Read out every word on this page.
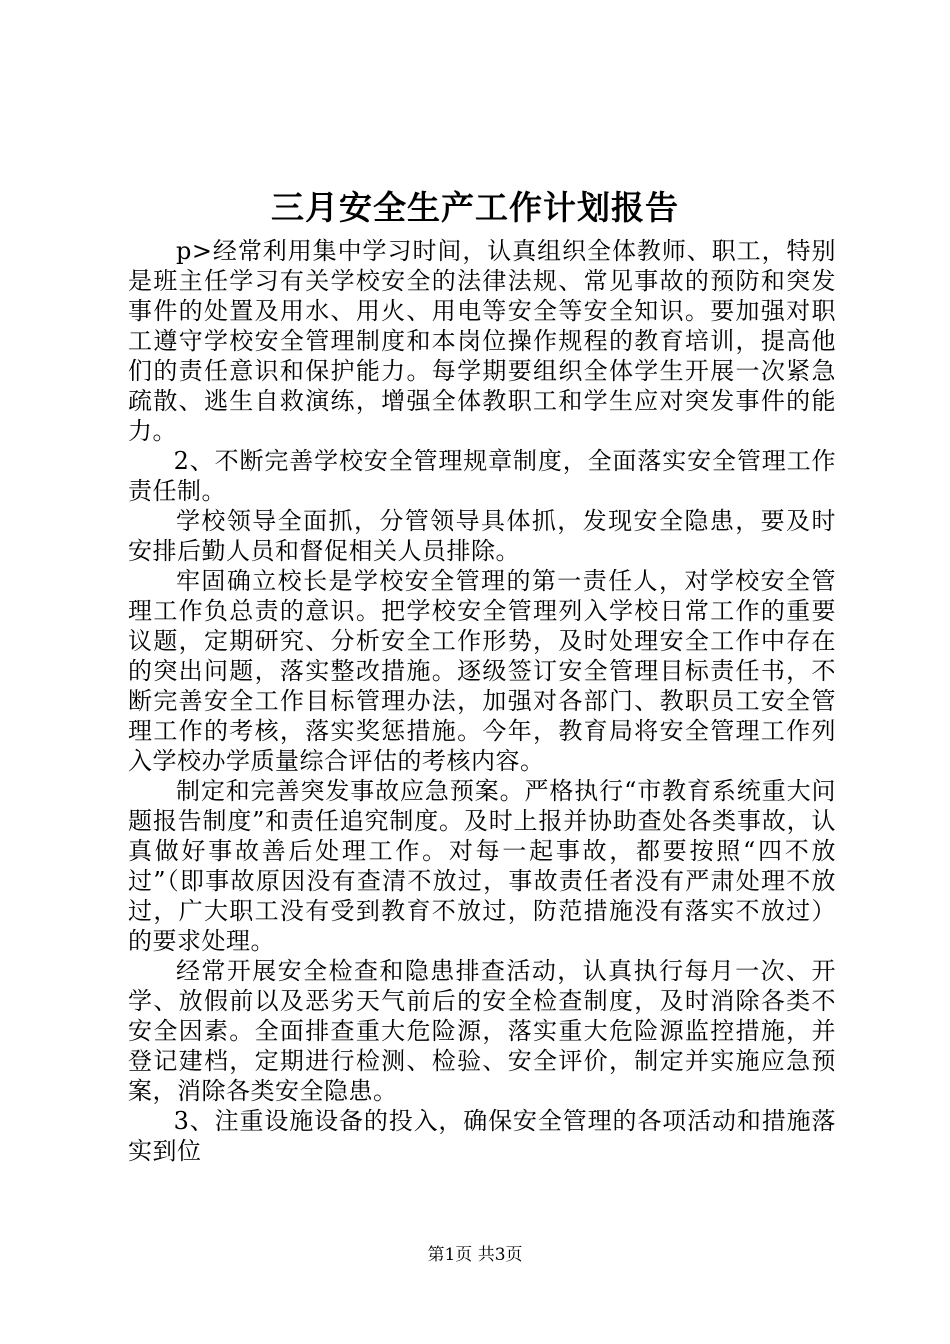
三月安全生产工作计划报告

p>经常利用集中学习时间，认真组织全体教师、职工，特别是班主任学习有关学校安全的法律法规、常见事故的预防和突发事件的处置及用水、用火、用电等安全等安全知识。要加强对职工遵守学校安全管理制度和本岗位操作规程的教育培训，提高他们的责任意识和保护能力。每学期要组织全体学生开展一次紧急疏散、逃生自救演练，增强全体教职工和学生应对突发事件的能力。

2、不断完善学校安全管理规章制度，全面落实安全管理工作责任制。

学校领导全面抓，分管领导具体抓，发现安全隐患，要及时安排后勤人员和督促相关人员排除。

牢固确立校长是学校安全管理的第一责任人，对学校安全管理工作负总责的意识。把学校安全管理列入学校日常工作的重要议题，定期研究、分析安全工作形势，及时处理安全工作中存在的突出问题，落实整改措施。逐级签订安全管理目标责任书，不断完善安全工作目标管理办法，加强对各部门、教职员工安全管理工作的考核，落实奖惩措施。今年，教育局将安全管理工作列入学校办学质量综合评估的考核内容。

制定和完善突发事故应急预案。严格执行“市教育系统重大问题报告制度”和责任追究制度。及时上报并协助查处各类事故，认真做好事故善后处理工作。对每一起事故，都要按照“四不放过”（即事故原因没有查清不放过，事故责任者没有严肃处理不放过，广大职工没有受到教育不放过，防范措施没有落实不放过）的要求处理。

经常开展安全检查和隐患排查活动，认真执行每月一次、开学、放假前以及恶劣天气前后的安全检查制度，及时消除各类不安全因素。全面排查重大危险源，落实重大危险源监控措施，并登记建档，定期进行检测、检验、安全评价，制定并实施应急预案，消除各类安全隐患。

3、注重设施设备的投入，确保安全管理的各项活动和措施落实到位

第1页 共3页
